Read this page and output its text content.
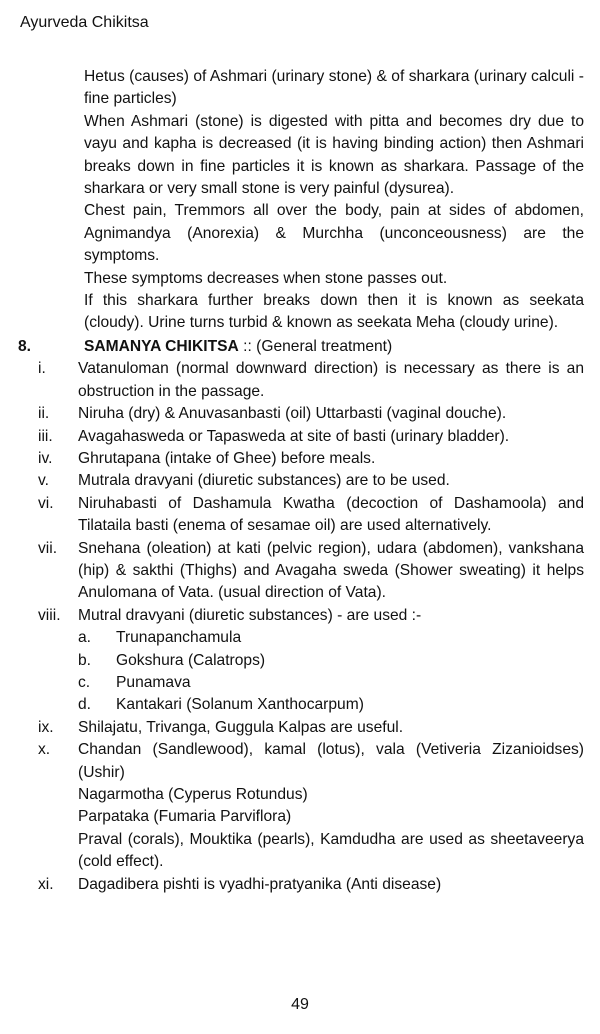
Ayurveda Chikitsa

Hetus (causes) of Ashmari (urinary stone) & of sharkara (urinary calculi - fine particles)

When Ashmari (stone) is digested with pitta and becomes dry due to vayu and kapha is decreased (it is having binding action) then Ashmari breaks down in fine particles it is known as sharkara. Passage of the sharkara or very small stone is very painful (dysurea).

Chest pain, Tremmors all over the body, pain at sides of abdomen, Agnimandya (Anorexia) & Murchha (unconceousness) are the symptoms.

These symptoms decreases when stone passes out.

If this sharkara further breaks down then it is known as seekata (cloudy). Urine turns turbid & known as seekata Meha (cloudy urine).

8.	SAMANYA CHIKITSA :: (General treatment)
i.	Vatanuloman (normal downward direction) is necessary as there is an obstruction in the passage.
ii.	Niruha (dry) & Anuvasanbasti (oil) Uttarbasti (vaginal douche).
iii.	Avagahasweda or Tapasweda at site of basti (urinary bladder).
iv.	Ghrutapana (intake of Ghee) before meals.
v.	Mutrala dravyani (diuretic substances) are to be used.
vi.	Niruhabasti of Dashamula Kwatha (decoction of Dashamoola) and Tilataila basti (enema of sesamae oil) are used alternatively.
vii.	Snehana (oleation) at kati (pelvic region), udara (abdomen), vankshana (hip) & sakthi (Thighs) and Avagaha sweda (Shower sweating) it helps Anulomana of Vata. (usual direction of Vata).
viii.	Mutral dravyani (diuretic substances) - are used :-
a. Trunapanchamula
b. Gokshura (Calatrops)
c. Punamava
d. Kantakari (Solanum Xanthocarpum)
ix.	Shilajatu, Trivanga, Guggula Kalpas are useful.
x.	Chandan (Sandlewood), kamal (lotus), vala (Vetiveria Zizanioidses) (Ushir)

Nagarmotha (Cyperus Rotundus)

Parpataka (Fumaria Parviflora)

Praval (corals), Mouktika (pearls), Kamdudha are used as sheetaveerya (cold effect).

xi.	Dagadibera pishti is vyadhi-pratyanika (Anti disease)
49
